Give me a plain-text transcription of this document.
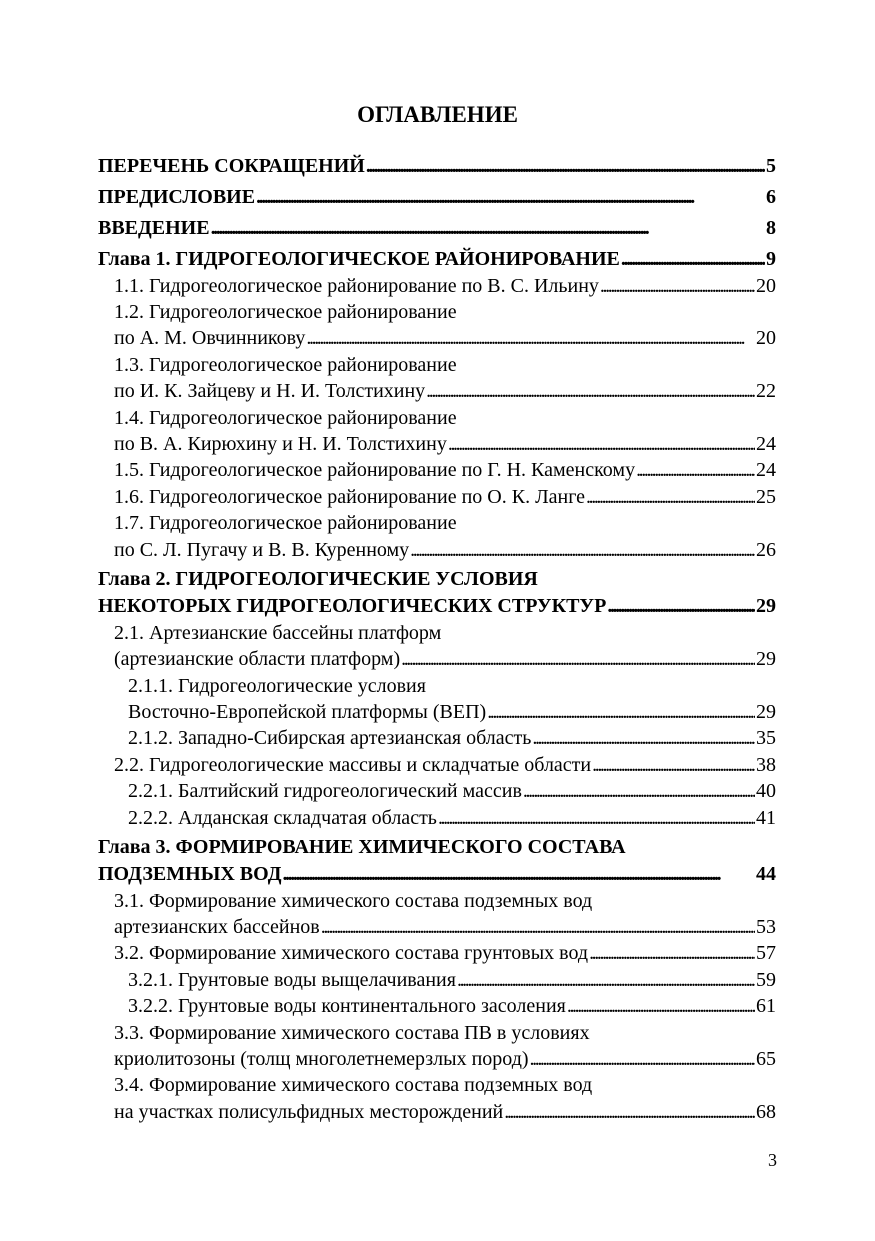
ОГЛАВЛЕНИЕ
ПЕРЕЧЕНЬ СОКРАЩЕНИЙ . . .	5
ПРЕДИСЛОВИЕ . . .	6
ВВЕДЕНИЕ . . .	8
Глава 1. ГИДРОГЕОЛОГИЧЕСКОЕ РАЙОНИРОВАНИЕ . . .	9
1.1. Гидрогеологическое районирование по В. С. Ильину . . .	20
1.2. Гидрогеологическое районирование
по А. М. Овчинникову . . .	20
1.3. Гидрогеологическое районирование
по И. К. Зайцеву и Н. И. Толстихину . . .	22
1.4. Гидрогеологическое районирование
по В. А. Кирюхину и Н. И. Толстихину . . .	24
1.5. Гидрогеологическое районирование по Г. Н. Каменскому . . .	24
1.6. Гидрогеологическое районирование по О. К. Ланге . . .	25
1.7. Гидрогеологическое районирование
по С. Л. Пугачу и В. В. Куренному . . .	26
Глава 2. ГИДРОГЕОЛОГИЧЕСКИЕ УСЛОВИЯ
НЕКОТОРЫХ ГИДРОГЕОЛОГИЧЕСКИХ СТРУКТУР . . .	29
2.1. Артезианские бассейны платформ
(артезианские области платформ) . . .	29
2.1.1. Гидрогеологические условия
Восточно-Европейской платформы (ВЕП) . . .	29
2.1.2. Западно-Сибирская артезианская область . . .	35
2.2. Гидрогеологические массивы и складчатые области . . .	38
2.2.1. Балтийский гидрогеологический массив . . .	40
2.2.2. Алданская складчатая область . . .	41
Глава 3. ФОРМИРОВАНИЕ ХИМИЧЕСКОГО СОСТАВА
ПОДЗЕМНЫХ ВОД . . .	44
3.1. Формирование химического состава подземных вод
артезианских бассейнов . . .	53
3.2. Формирование химического состава грунтовых вод . . .	57
3.2.1. Грунтовые воды выщелачивания . . .	59
3.2.2. Грунтовые воды континентального засоления . . .	61
3.3. Формирование химического состава ПВ в условиях
криолитозоны (толщ многолетнемерзлых пород) . . .	65
3.4. Формирование химического состава подземных вод
на участках полисульфидных месторождений . . .	68
3
